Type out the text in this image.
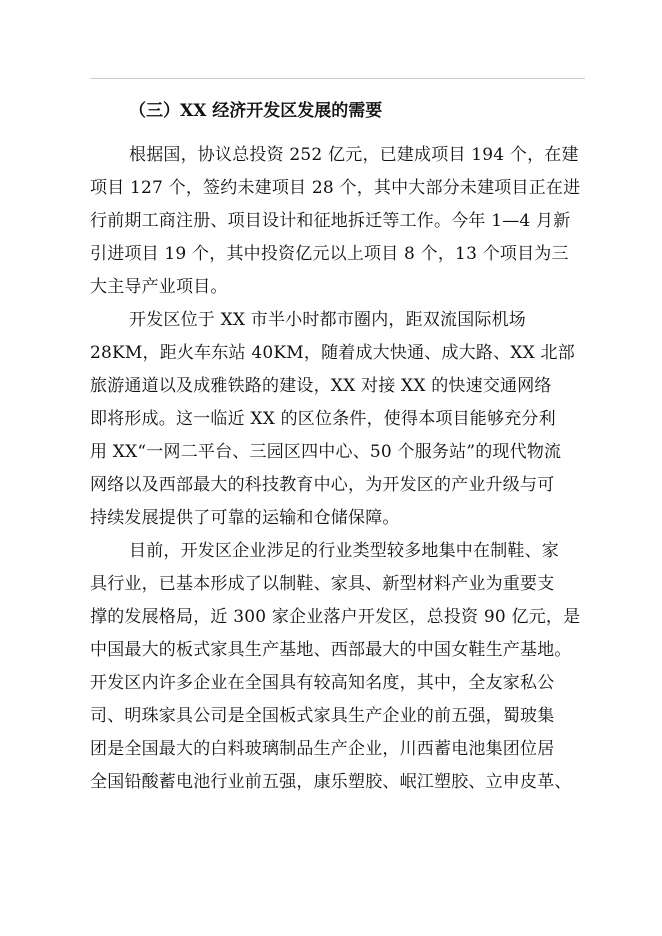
（三）XX 经济开发区发展的需要
根据国，协议总投资 252 亿元，已建成项目 194 个，在建
项目 127 个，签约未建项目 28 个，其中大部分未建项目正在进
行前期工商注册、项目设计和征地拆迁等工作。今年 1—4 月新
引进项目 19 个，其中投资亿元以上项目 8 个，13 个项目为三
大主导产业项目。
开发区位于 XX 市半小时都市圈内，距双流国际机场
28KM，距火车东站 40KM，随着成大快通、成大路、XX 北部
旅游通道以及成雅铁路的建设，XX 对接 XX 的快速交通网络
即将形成。这一临近 XX 的区位条件，使得本项目能够充分利
用 XX“一网二平台、三园区四中心、50 个服务站”的现代物流
网络以及西部最大的科技教育中心，为开发区的产业升级与可
持续发展提供了可靠的运输和仓储保障。
目前，开发区企业涉足的行业类型较多地集中在制鞋、家
具行业，已基本形成了以制鞋、家具、新型材料产业为重要支
撑的发展格局，近 300 家企业落户开发区，总投资 90 亿元，是
中国最大的板式家具生产基地、西部最大的中国女鞋生产基地。
开发区内许多企业在全国具有较高知名度，其中，全友家私公
司、明珠家具公司是全国板式家具生产企业的前五强，蜀玻集
团是全国最大的白料玻璃制品生产企业，川西蓄电池集团位居
全国铅酸蓄电池行业前五强，康乐塑胶、岷江塑胶、立申皮革、
